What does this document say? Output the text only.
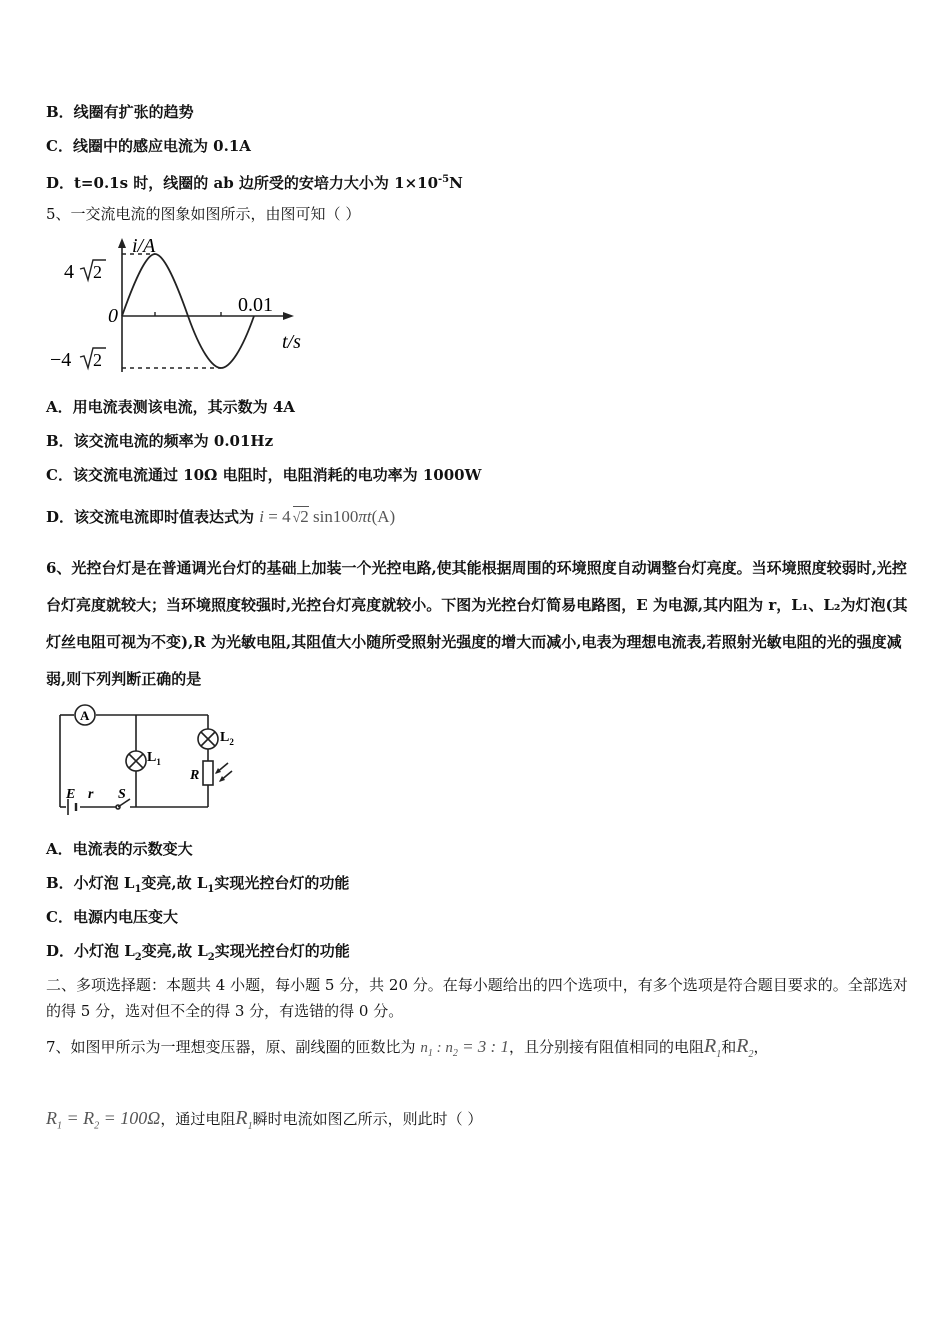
B．线圈有扩张的趋势
C．线圈中的感应电流为 0.1A
D．t=0.1s 时，线圈的 ab 边所受的安培力大小为 $1\times 10^{-5}N$
5、一交流电流的图象如图所示，由图可知（ ）
i/A
t/s
0	0.01
4 2
−4 2
A．用电流表测该电流，其示数为 4A
B．该交流电流的频率为 0.01Hz
C．该交流电流通过 10Ω 电阻时，电阻消耗的电功率为 1000W
D．该交流电流即时值表达式为 i = 4 √2 sin100πt(A)
6、光控台灯是在普通调光台灯的基础上加装一个光控电路,使其能根据周围的环境照度自动调整台灯亮度。当环境照度较弱时,光控台灯亮度就较大；当环境照度较强时,光控台灯亮度就较小。下图为光控台灯简易电路图，E 为电源,其内阻为 r，L₁、L₂为灯泡(其灯丝电阻可视为不变),R 为光敏电阻,其阻值大小随所受照射光强度的增大而减小,电表为理想电流表,若照射光敏电阻的光的强度减弱,则下列判断正确的是
A
$L_1$
$L_2$
R
E r S
A．电流表的示数变大
B．小灯泡 $L_1$变亮,故 $L_1$实现光控台灯的功能
C．电源内电压变大
D．小灯泡 $L_2$变亮,故 $L_2$实现光控台灯的功能
二、多项选择题：本题共 4 小题，每小题 5 分，共 20 分。在每小题给出的四个选项中，有多个选项是符合题目要求的。全部选对的得 5 分，选对但不全的得 3 分，有选错的得 0 分。
7、如图甲所示为一理想变压器，原、副线圈的匝数比为 $n_1$ : $n_2 = 3$ : 1，且分别接有阻值相同的电阻$R_1$和$R_2$，
$R_1 = R_2 = 100\Omega$，通过电阻$R_1$瞬时电流如图乙所示，则此时（ ）
